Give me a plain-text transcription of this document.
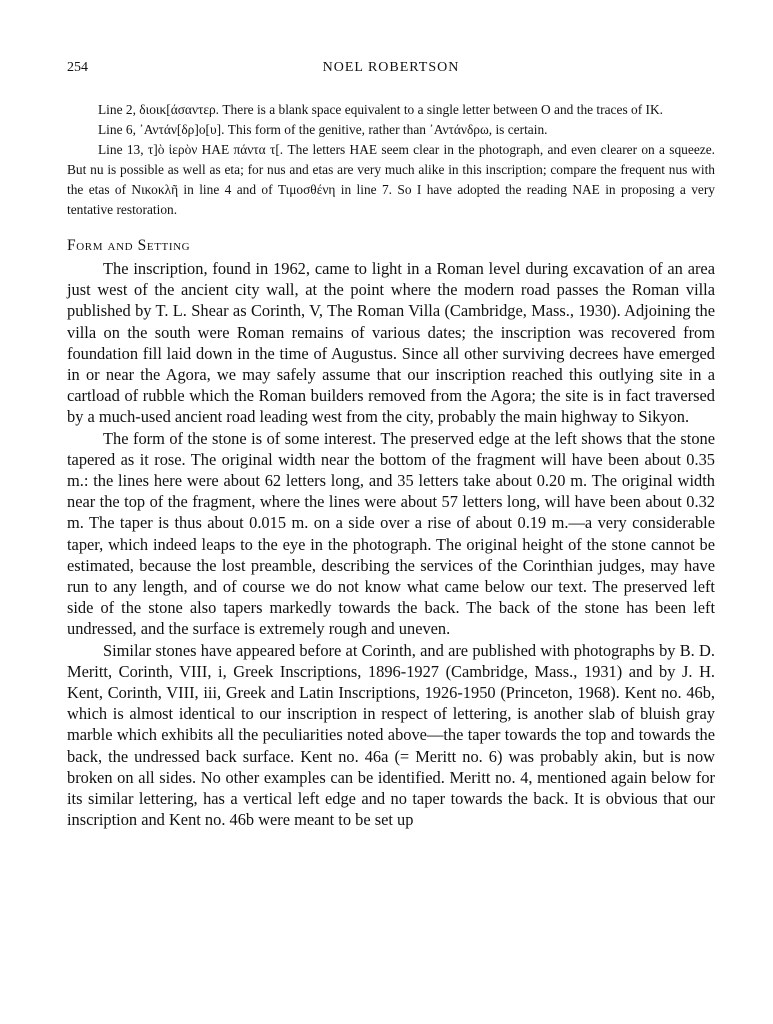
254	NOEL ROBERTSON

Line 2, διοικ[άσαντερ. There is a blank space equivalent to a single letter between O and the traces of IK.

Line 6, ᾿Αντάν[δρ]ο[υ]. This form of the genitive, rather than ᾿Αντάνδρω, is certain.

Line 13, τ]ὸ ἱερὸν ΗΑΕ πάντα τ[. The letters HAE seem clear in the photograph, and even clearer on a squeeze. But nu is possible as well as eta; for nus and etas are very much alike in this inscription; compare the frequent nus with the etas of Νικοκλῆ in line 4 and of Τιμοσθένη in line 7. So I have adopted the reading NAE in proposing a very tentative restoration.

Form and Setting

The inscription, found in 1962, came to light in a Roman level during excavation of an area just west of the ancient city wall, at the point where the modern road passes the Roman villa published by T. L. Shear as Corinth, V, The Roman Villa (Cambridge, Mass., 1930). Adjoining the villa on the south were Roman remains of various dates; the inscription was recovered from foundation fill laid down in the time of Augustus. Since all other surviving decrees have emerged in or near the Agora, we may safely assume that our inscription reached this outlying site in a cartload of rubble which the Roman builders removed from the Agora; the site is in fact traversed by a much-used ancient road leading west from the city, probably the main highway to Sikyon.

The form of the stone is of some interest. The preserved edge at the left shows that the stone tapered as it rose. The original width near the bottom of the fragment will have been about 0.35 m.: the lines here were about 62 letters long, and 35 letters take about 0.20 m. The original width near the top of the fragment, where the lines were about 57 letters long, will have been about 0.32 m. The taper is thus about 0.015 m. on a side over a rise of about 0.19 m.—a very considerable taper, which indeed leaps to the eye in the photograph. The original height of the stone cannot be estimated, because the lost preamble, describing the services of the Corinthian judges, may have run to any length, and of course we do not know what came below our text. The preserved left side of the stone also tapers markedly towards the back. The back of the stone has been left undressed, and the surface is extremely rough and uneven.

Similar stones have appeared before at Corinth, and are published with photographs by B. D. Meritt, Corinth, VIII, i, Greek Inscriptions, 1896-1927 (Cambridge, Mass., 1931) and by J. H. Kent, Corinth, VIII, iii, Greek and Latin Inscriptions, 1926-1950 (Princeton, 1968). Kent no. 46b, which is almost identical to our inscription in respect of lettering, is another slab of bluish gray marble which exhibits all the peculiarities noted above—the taper towards the top and towards the back, the undressed back surface. Kent no. 46a (= Meritt no. 6) was probably akin, but is now broken on all sides. No other examples can be identified. Meritt no. 4, mentioned again below for its similar lettering, has a vertical left edge and no taper towards the back. It is obvious that our inscription and Kent no. 46b were meant to be set up
